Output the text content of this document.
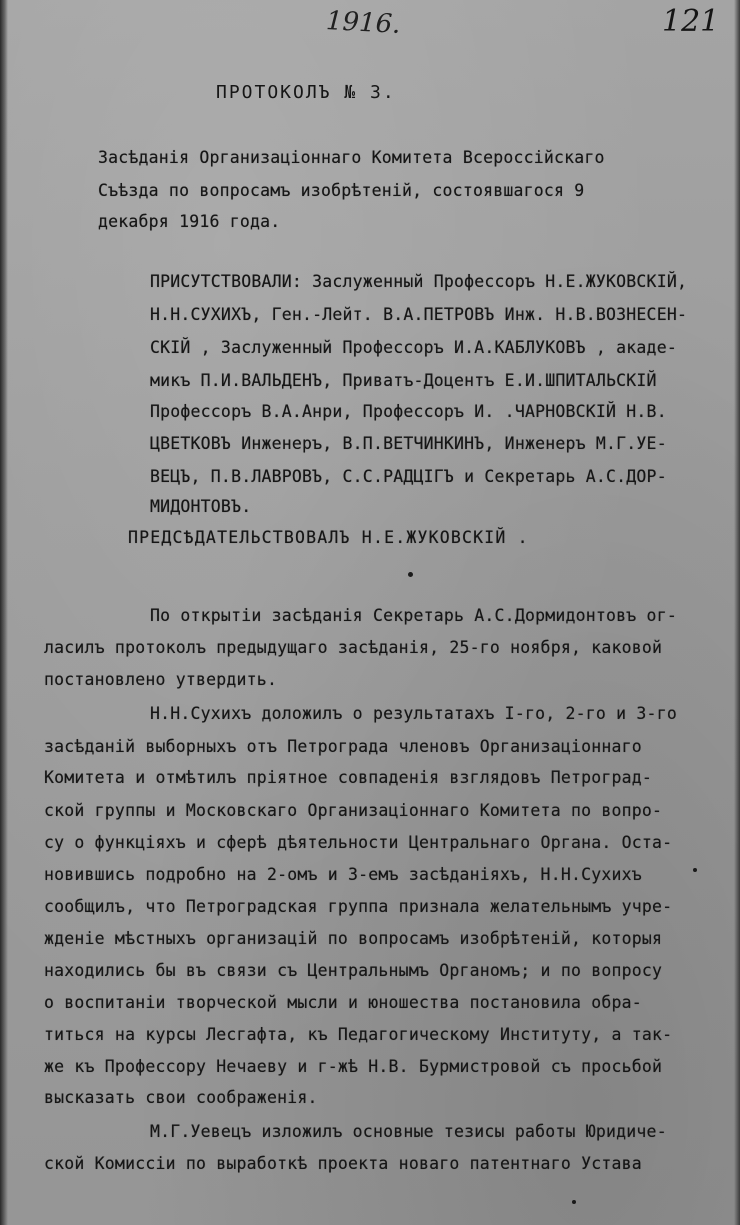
1916.	121
ПРОТОКОЛЪ № 3.
Засѣданія Организаціоннаго Комитета Всероссійскаго
Съѣзда по вопросамъ изобрѣтеній, состоявшагося 9
декабря 1916 года.
ПРИСУТСТВОВАЛИ: Заслуженный Профессоръ Н.Е.ЖУКОВСКІЙ,
Н.Н.СУХИХЪ, Ген.-Лейт. В.А.ПЕТРОВЪ Инж. Н.В.ВОЗНЕСЕН-
СКІЙ , Заслуженный Профессоръ И.А.КАБЛУКОВЪ , акаде-
микъ П.И.ВАЛЬДЕНЪ, Приватъ-Доцентъ Е.И.ШПИТАЛЬСКІЙ
Профессоръ В.А.Анри, Профессоръ И. .ЧАРНОВСКІЙ Н.В.
ЦВЕТКОВЪ Инженеръ, В.П.ВЕТЧИНКИНЪ, Инженеръ М.Г.УЕ-
ВЕЦЪ, П.В.ЛАВРОВЪ, С.С.РАДЦІГЪ и Секретарь А.С.ДОР-
МИДОНТОВЪ.
ПРЕДСѢДАТЕЛЬСТВОВАЛЪ Н.Е.ЖУКОВСКІЙ .
По открытіи засѣданія Секретарь А.С.Дормидонтовъ ог-
ласилъ протоколъ предыдущаго засѣданія, 25-го ноября, каковой
постановлено утвердить.
Н.Н.Сухихъ доложилъ о результатахъ І-го, 2-го и 3-го
засѣданій выборныхъ отъ Петрограда членовъ Организаціоннаго
Комитета и отмѣтилъ пріятное совпаденія взглядовъ Петроград-
ской группы и Московскаго Организаціоннаго Комитета по вопро-
су о функціяхъ и сферѣ дѣятельности Центральнаго Органа. Оста-
новившись подробно на 2-омъ и 3-емъ засѣданіяхъ, Н.Н.Сухихъ
сообщилъ, что Петроградская группа признала желательнымъ учре-
жденіе мѣстныхъ организацій по вопросамъ изобрѣтеній, которыя
находились бы въ связи съ Центральнымъ Органомъ; и по вопросу
о воспитаніи творческой мысли и юношества постановила обра-
титься на курсы Лесгафта, къ Педагогическому Институту, а так-
же къ Профессору Нечаеву и г-жѣ Н.В. Бурмистровой съ просьбой
высказать свои соображенія.
М.Г.Уевецъ изложилъ основные тезисы работы Юридиче-
ской Комиссіи по выработкѣ проекта новаго патентнаго Устава
